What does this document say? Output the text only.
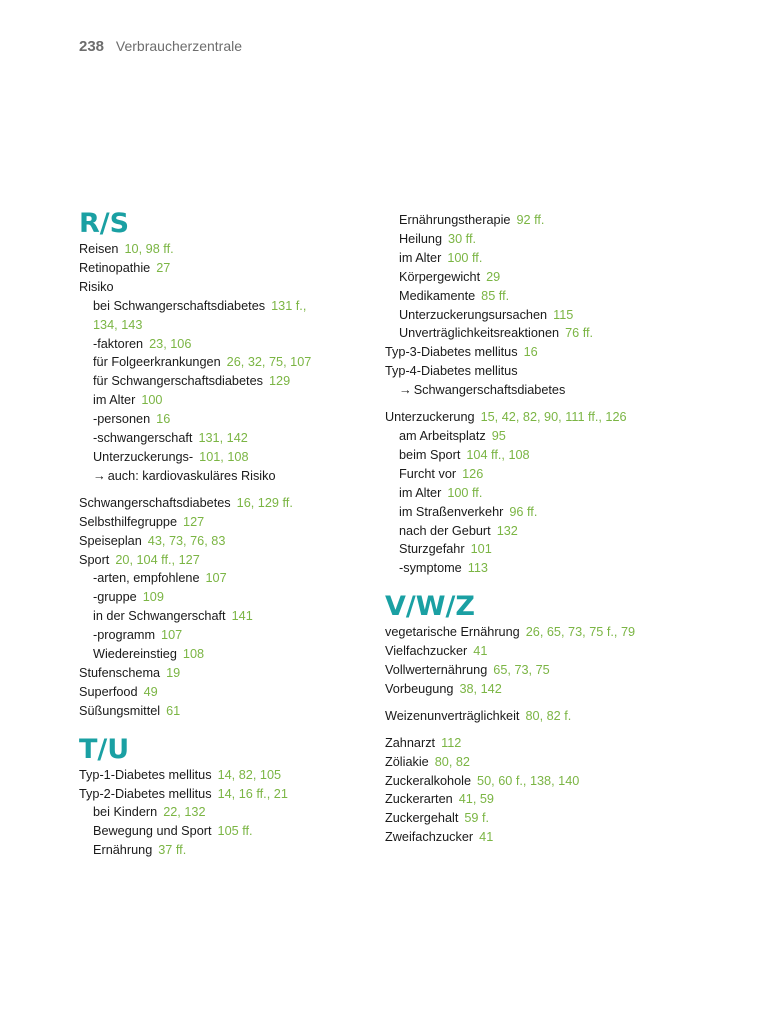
238 Verbraucherzentrale
R/S
Reisen 10, 98 ff.
Retinopathie 27
Risiko
bei Schwangerschaftsdiabetes 131 f.,
134, 143
-faktoren 23, 106
für Folgeerkrankungen 26, 32, 75, 107
für Schwangerschaftsdiabetes 129
im Alter 100
-personen 16
-schwangerschaft 131, 142
Unterzuckerungs- 101, 108
→ auch: kardiovaskuläres Risiko
Schwangerschaftsdiabetes 16, 129 ff.
Selbsthilfegruppe 127
Speiseplan 43, 73, 76, 83
Sport 20, 104 ff., 127
-arten, empfohlene 107
-gruppe 109
in der Schwangerschaft 141
-programm 107
Wiedereinstieg 108
Stufenschema 19
Superfood 49
Süßungsmittel 61
T/U
Typ-1-Diabetes mellitus 14, 82, 105
Typ-2-Diabetes mellitus 14, 16 ff., 21
bei Kindern 22, 132
Bewegung und Sport 105 ff.
Ernährung 37 ff.
Ernährungstherapie 92 ff.
Heilung 30 ff.
im Alter 100 ff.
Körpergewicht 29
Medikamente 85 ff.
Unterzuckerungsursachen 115
Unverträglichkeitsreaktionen 76 ff.
Typ-3-Diabetes mellitus 16
Typ-4-Diabetes mellitus
→ Schwangerschaftsdiabetes
Unterzuckerung 15, 42, 82, 90, 111 ff., 126
am Arbeitsplatz 95
beim Sport 104 ff., 108
Furcht vor 126
im Alter 100 ff.
im Straßenverkehr 96 ff.
nach der Geburt 132
Sturzgefahr 101
-symptome 113
V/W/Z
vegetarische Ernährung 26, 65, 73, 75 f., 79
Vielfachzucker 41
Vollwerternährung 65, 73, 75
Vorbeugung 38, 142
Weizenunverträglichkeit 80, 82 f.
Zahnarzt 112
Zöliakie 80, 82
Zuckeralkohole 50, 60 f., 138, 140
Zuckerarten 41, 59
Zuckergehalt 59 f.
Zweifachzucker 41
